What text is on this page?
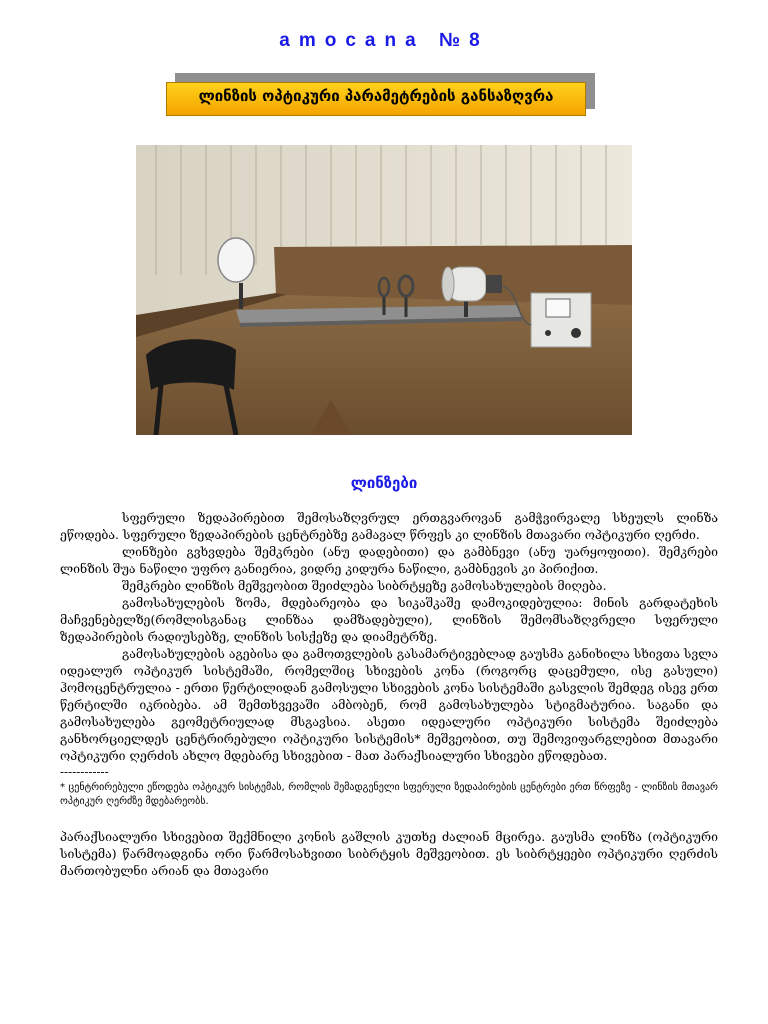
amocana №8
ლინზის ოპტიკური პარამეტრების განსაზღვრა
ლინზები

სფერული ზედაპირებით შემოსაზღვრულ ერთგვაროვან გამჭვირვალე სხეულს ლინზა ეწოდება. სფერული ზედაპირების ცენტრებზე გამავალ წრფეს კი ლინზის მთავარი ოპტიკური ღერძი.

ლინზები გვხვდება შემკრები (ანუ დადებითი) და გამბნევი (ანუ უარყოფითი). შემკრები ლინზის შუა ნაწილი უფრო განიერია, ვიდრე კიდურა ნაწილი, გამბნევის კი პირიქით.

შემკრები ლინზის მეშვეობით შეიძლება სიბრტყეზე გამოსახულების მიღება.

გამოსახულების ზომა, მდებარეობა და სიკაშკაშე დამოკიდებულია: მინის გარდატეხის მაჩვენებელზე(რომლისგანაც ლინზაა დამზადებული), ლინზის შემომსაზღვრელი სფერული ზედაპირების რადიუსებზე, ლინზის სისქეზე და დიამეტრზე.

გამოსახულების აგებისა და გამოთვლების გასამარტივებლად გაუსმა განიხილა სხივთა სვლა იდეალურ ოპტიკურ სისტემაში, რომელშიც სხივების კონა (როგორც დაცემული, ისე გასული) ჰომოცენტრულია - ერთი წერტილიდან გამოსული სხივების კონა სისტემაში გასვლის შემდეგ ისევ ერთ წერტილში იკრიბება. ამ შემთხვევაში ამბობენ, რომ გამოსახულება სტიგმატურია. საგანი და გამოსახულება გეომეტრიულად მსგავსია. ასეთი იდეალური ოპტიკური სისტემა შეიძლება განხორციელდეს ცენტრირებული ოპტიკური სისტემის* მეშვეობით, თუ შემოვიფარგლებით მთავარი ოპტიკური ღერძის ახლო მდებარე სხივებით - მათ პარაქსიალური სხივები ეწოდებათ.

------------
* ცენტრირებული ეწოდება ოპტიკურ სისტემას, რომლის შემადგენელი სფერული ზედაპირების ცენტრები ერთ წრფეზე - ლინზის მთავარ ოპტიკურ ღერძზე მდებარეობს.

პარაქსიალური სხივებით შექმნილი კონის გაშლის კუთხე ძალიან მცირეა. გაუსმა ლინზა (ოპტიკური სისტემა) წარმოადგინა ორი წარმოსახვითი სიბრტყის მეშვეობით. ეს სიბრტყეები ოპტიკური ღერძის მართობულნი არიან და მთავარი
